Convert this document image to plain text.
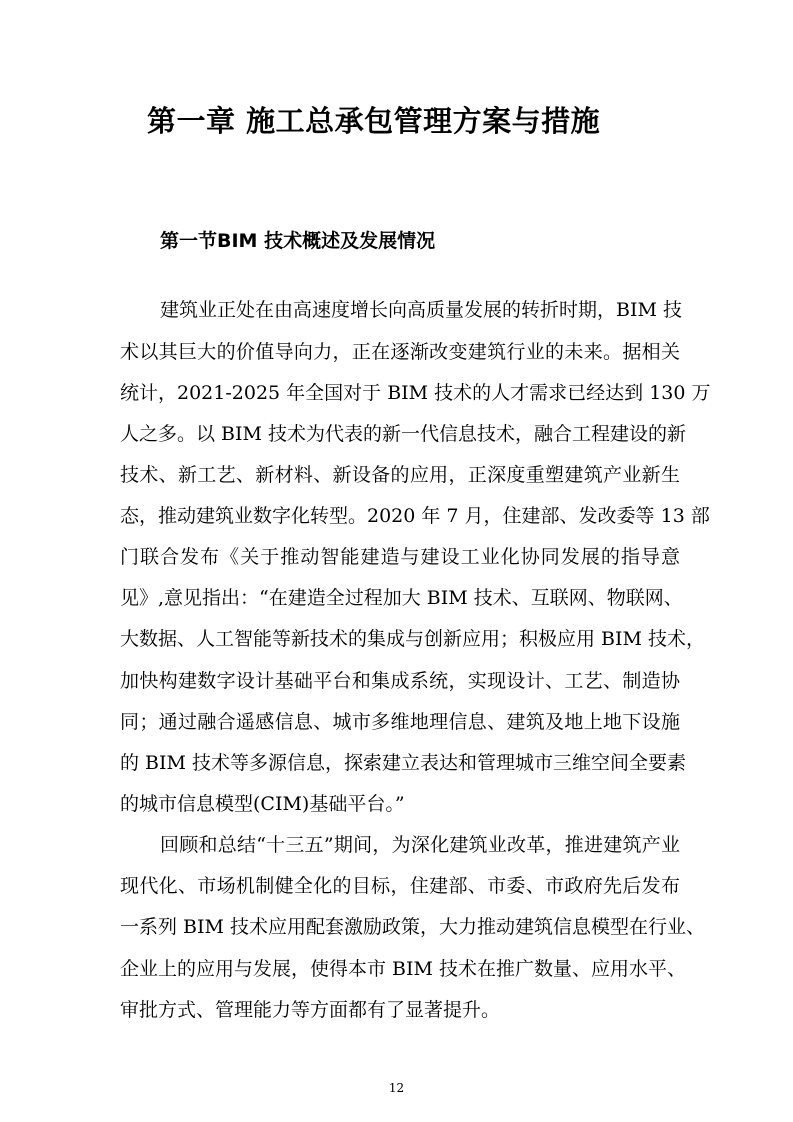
第一章 施工总承包管理方案与措施
第一节BIM 技术概述及发展情况

建筑业正处在由高速度增长向高质量发展的转折时期，BIM 技

术以其巨大的价值导向力，正在逐渐改变建筑行业的未来。据相关

统计，2021-2025 年全国对于 BIM 技术的人才需求已经达到 130 万

人之多。以 BIM 技术为代表的新一代信息技术，融合工程建设的新

技术、新工艺、新材料、新设备的应用，正深度重塑建筑产业新生

态，推动建筑业数字化转型。2020 年 7 月，住建部、发改委等 13 部

门联合发布《关于推动智能建造与建设工业化协同发展的指导意

见》,意见指出：“在建造全过程加大 BIM 技术、互联网、物联网、

大数据、人工智能等新技术的集成与创新应用；积极应用 BIM 技术，

加快构建数字设计基础平台和集成系统，实现设计、工艺、制造协

同；通过融合遥感信息、城市多维地理信息、建筑及地上地下设施

的 BIM 技术等多源信息，探索建立表达和管理城市三维空间全要素

的城市信息模型(CIM)基础平台。”

回顾和总结“十三五”期间，为深化建筑业改革，推进建筑产业

现代化、市场机制健全化的目标，住建部、市委、市政府先后发布

一系列 BIM 技术应用配套激励政策，大力推动建筑信息模型在行业、

企业上的应用与发展，使得本市 BIM 技术在推广数量、应用水平、

审批方式、管理能力等方面都有了显著提升。

12
